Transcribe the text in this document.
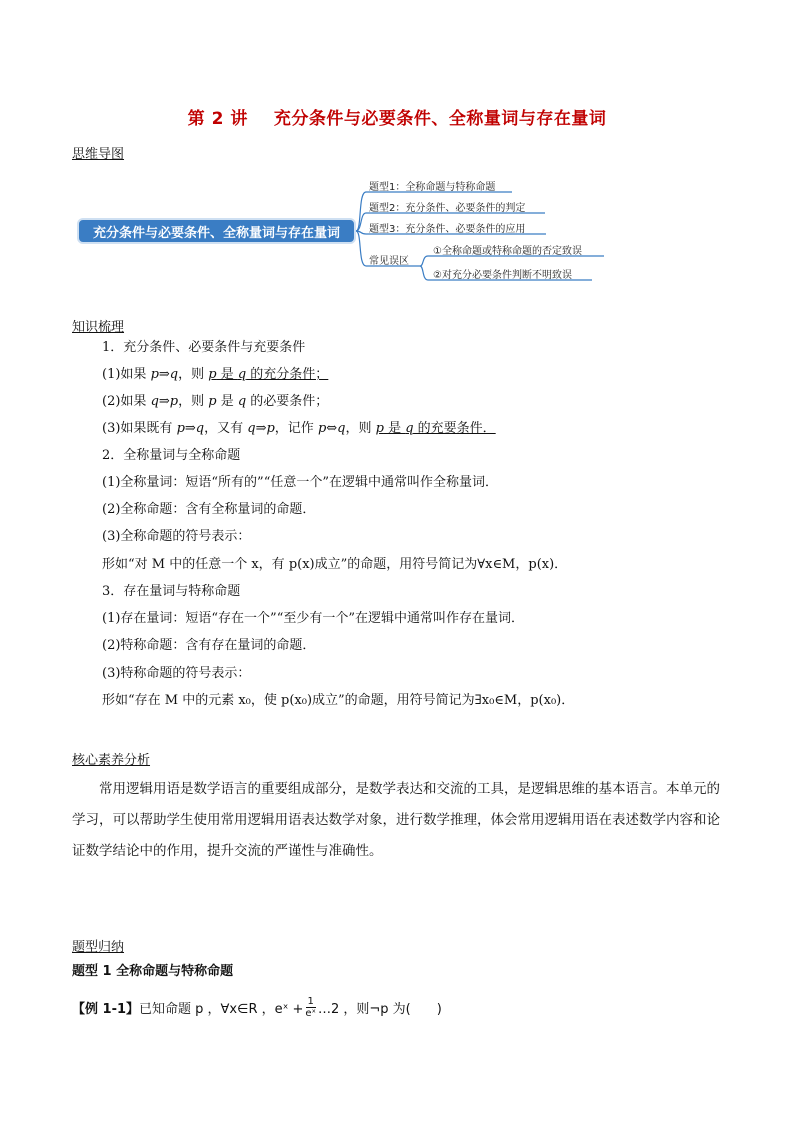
第 2 讲 充分条件与必要条件、全称量词与存在量词
思维导图
充分条件与必要条件、全称量词与存在量词
题型1：全称命题与特称命题
题型2：充分条件、必要条件的判定
题型3：充分条件、必要条件的应用
常见误区
①全称命题或特称命题的否定致误
②对充分必要条件判断不明致误
知识梳理
1．充分条件、必要条件与充要条件
(1)如果 p⇒q，则 p 是 q 的充分条件；
(2)如果 q⇒p，则 p 是 q 的必要条件；
(3)如果既有 p⇒q，又有 q⇒p，记作 p⇔q，则 p 是 q 的充要条件．
2．全称量词与全称命题
(1)全称量词：短语“所有的”“任意一个”在逻辑中通常叫作全称量词．
(2)全称命题：含有全称量词的命题．
(3)全称命题的符号表示：
形如“对 M 中的任意一个 x，有 p(x)成立”的命题，用符号简记为∀x∈M，p(x)．
3．存在量词与特称命题
(1)存在量词：短语“存在一个”“至少有一个”在逻辑中通常叫作存在量词．
(2)特称命题：含有存在量词的命题．
(3)特称命题的符号表示：
形如“存在 M 中的元素 x₀，使 p(x₀)成立”的命题，用符号简记为∃x₀∈M，p(x₀)．
核心素养分析
常用逻辑用语是数学语言的重要组成部分，是数学表达和交流的工具，是逻辑思维的基本语言。本单元的学习，可以帮助学生使用常用逻辑用语表达数学对象，进行数学推理，体会常用逻辑用语在表述数学内容和论证数学结论中的作用，提升交流的严谨性与准确性。
题型归纳
题型 1 全称命题与特称命题
【例 1-1】 已知命题 p ，∀x∈R ，eˣ + $\frac{1}{\text{eˣ}}$ …2 ，则¬p 为(　　)
